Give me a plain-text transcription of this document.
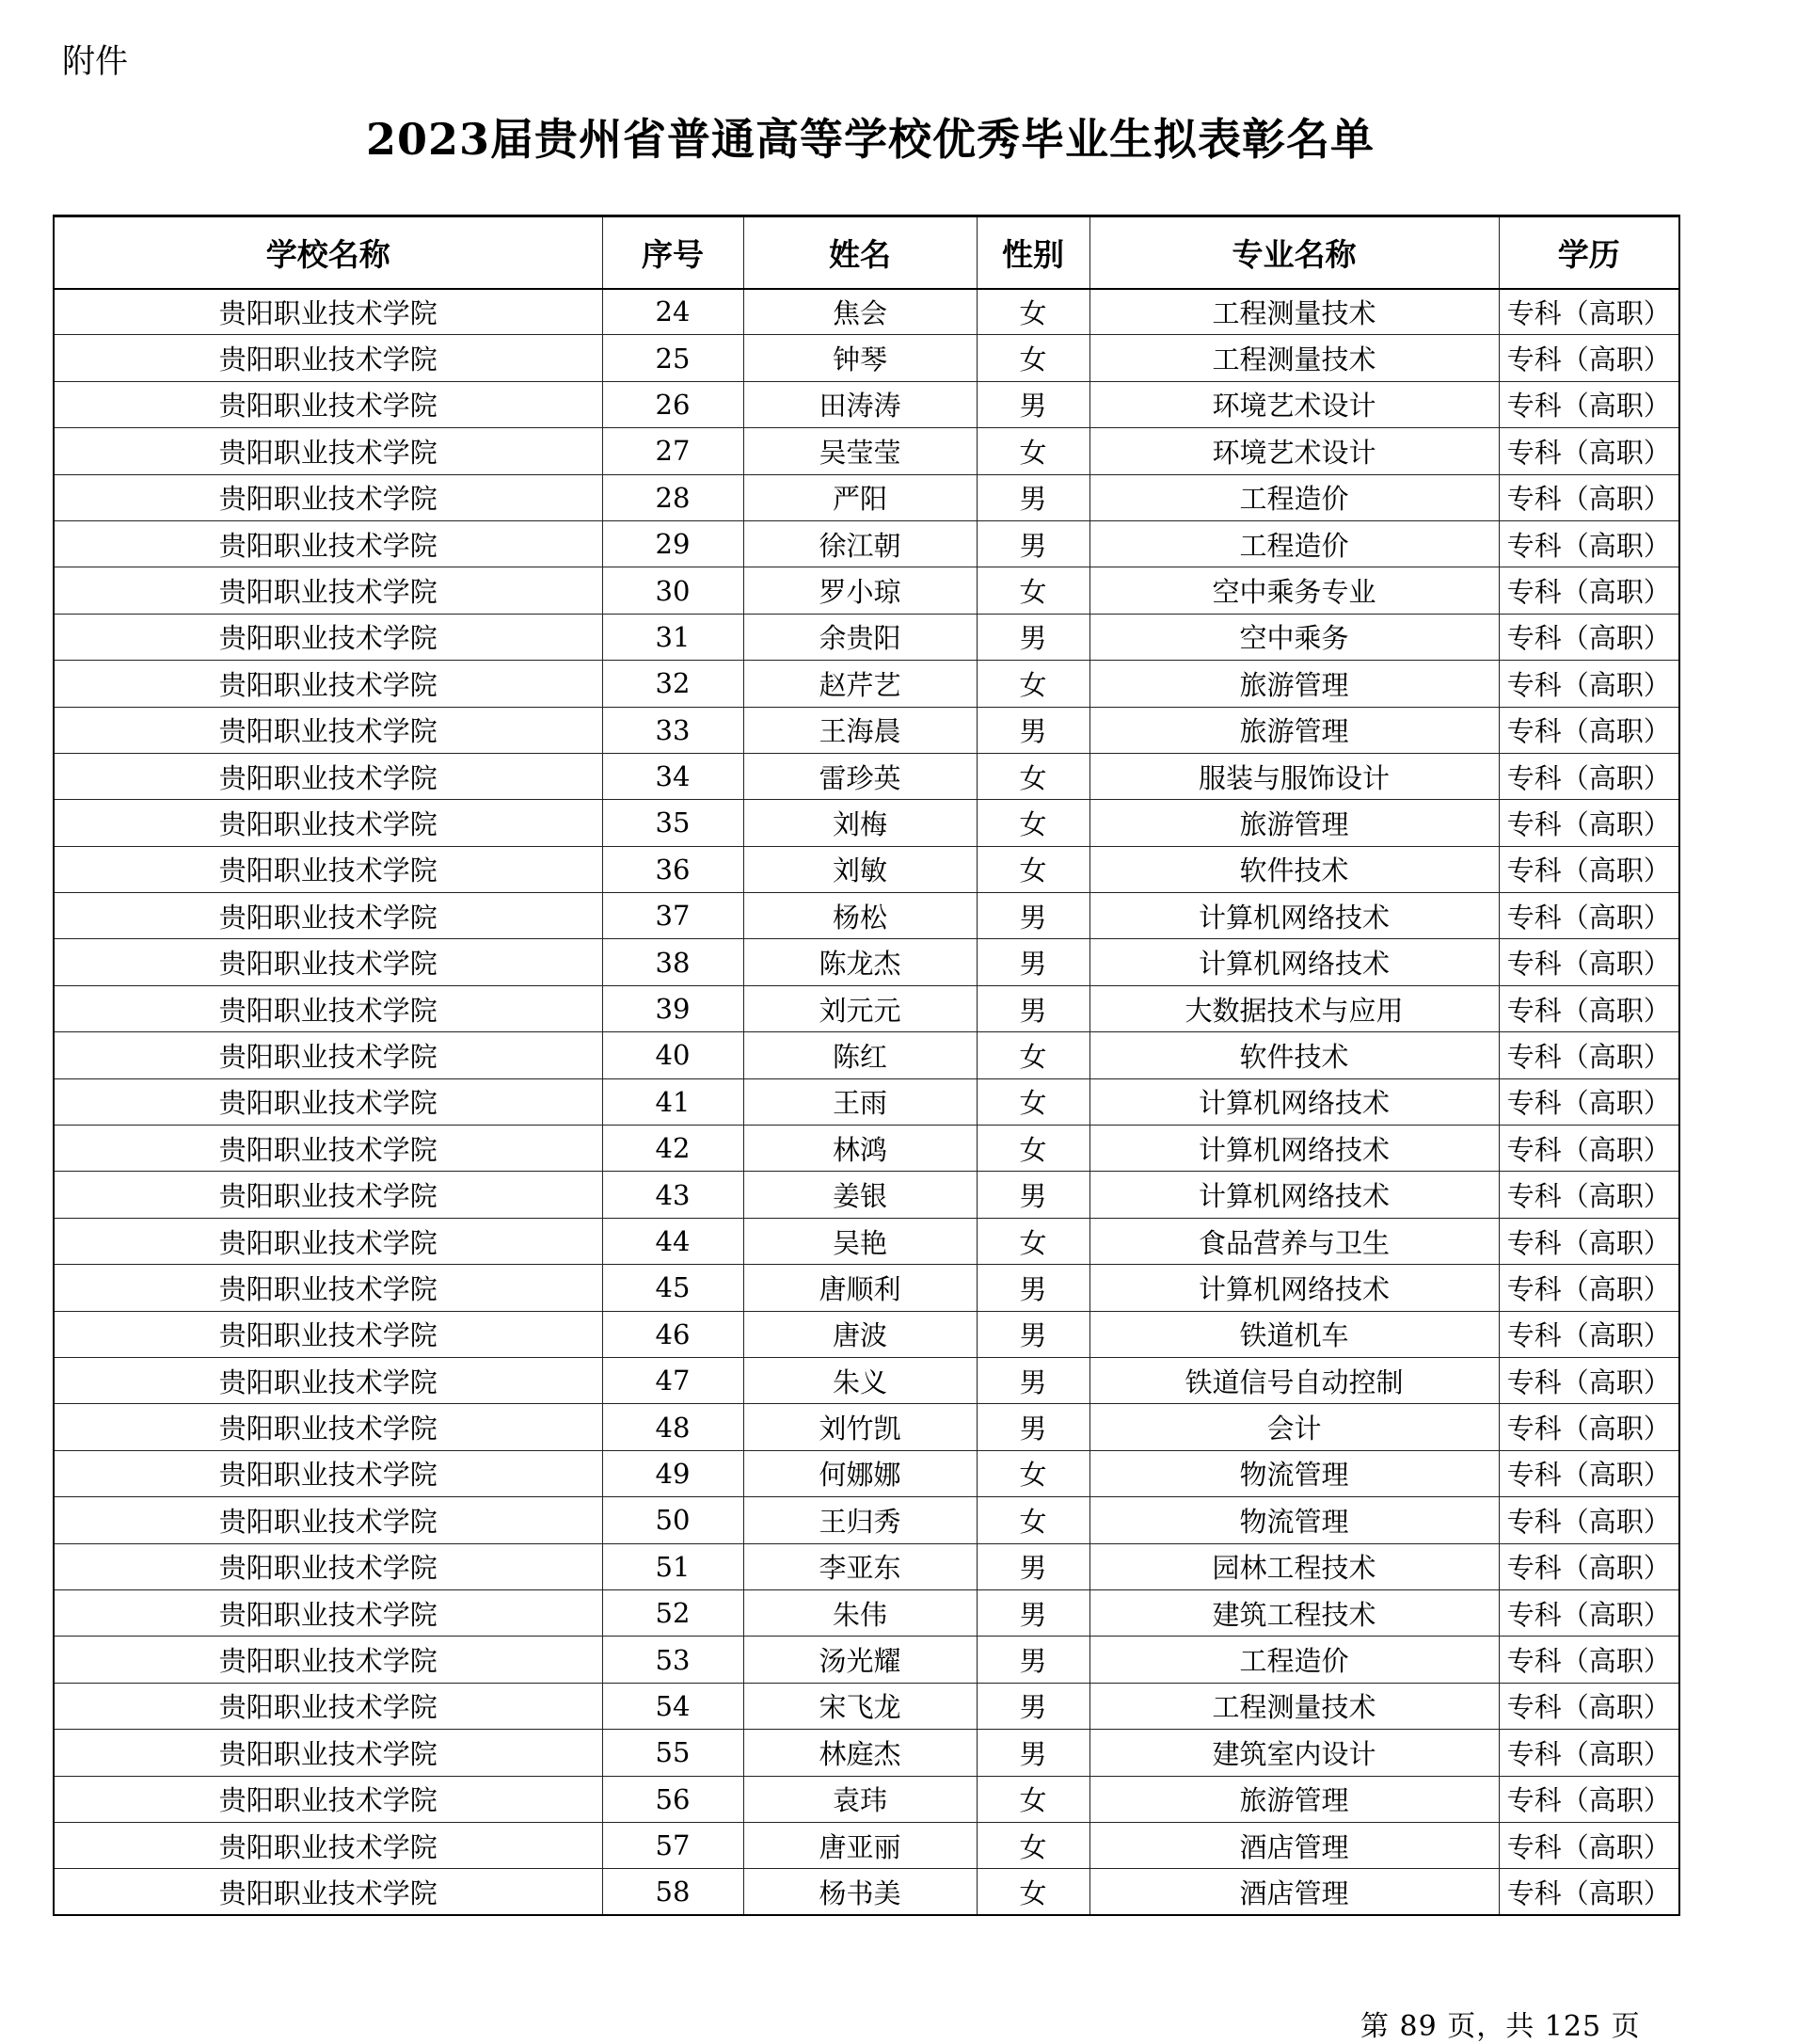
附件
2023届贵州省普通高等学校优秀毕业生拟表彰名单
学校名称	序号	姓名	性别	专业名称	学历
贵阳职业技术学院	24	焦会	女	工程测量技术	专科（高职）
贵阳职业技术学院	25	钟琴	女	工程测量技术	专科（高职）
贵阳职业技术学院	26	田涛涛	男	环境艺术设计	专科（高职）
贵阳职业技术学院	27	吴莹莹	女	环境艺术设计	专科（高职）
贵阳职业技术学院	28	严阳	男	工程造价	专科（高职）
贵阳职业技术学院	29	徐江朝	男	工程造价	专科（高职）
贵阳职业技术学院	30	罗小琼	女	空中乘务专业	专科（高职）
贵阳职业技术学院	31	余贵阳	男	空中乘务	专科（高职）
贵阳职业技术学院	32	赵芹艺	女	旅游管理	专科（高职）
贵阳职业技术学院	33	王海晨	男	旅游管理	专科（高职）
贵阳职业技术学院	34	雷珍英	女	服装与服饰设计	专科（高职）
贵阳职业技术学院	35	刘梅	女	旅游管理	专科（高职）
贵阳职业技术学院	36	刘敏	女	软件技术	专科（高职）
贵阳职业技术学院	37	杨松	男	计算机网络技术	专科（高职）
贵阳职业技术学院	38	陈龙杰	男	计算机网络技术	专科（高职）
贵阳职业技术学院	39	刘元元	男	大数据技术与应用	专科（高职）
贵阳职业技术学院	40	陈红	女	软件技术	专科（高职）
贵阳职业技术学院	41	王雨	女	计算机网络技术	专科（高职）
贵阳职业技术学院	42	林鸿	女	计算机网络技术	专科（高职）
贵阳职业技术学院	43	姜银	男	计算机网络技术	专科（高职）
贵阳职业技术学院	44	吴艳	女	食品营养与卫生	专科（高职）
贵阳职业技术学院	45	唐顺利	男	计算机网络技术	专科（高职）
贵阳职业技术学院	46	唐波	男	铁道机车	专科（高职）
贵阳职业技术学院	47	朱义	男	铁道信号自动控制	专科（高职）
贵阳职业技术学院	48	刘竹凯	男	会计	专科（高职）
贵阳职业技术学院	49	何娜娜	女	物流管理	专科（高职）
贵阳职业技术学院	50	王归秀	女	物流管理	专科（高职）
贵阳职业技术学院	51	李亚东	男	园林工程技术	专科（高职）
贵阳职业技术学院	52	朱伟	男	建筑工程技术	专科（高职）
贵阳职业技术学院	53	汤光耀	男	工程造价	专科（高职）
贵阳职业技术学院	54	宋飞龙	男	工程测量技术	专科（高职）
贵阳职业技术学院	55	林庭杰	男	建筑室内设计	专科（高职）
贵阳职业技术学院	56	袁玮	女	旅游管理	专科（高职）
贵阳职业技术学院	57	唐亚丽	女	酒店管理	专科（高职）
贵阳职业技术学院	58	杨书美	女	酒店管理	专科（高职）
第 89 页，共 125 页
